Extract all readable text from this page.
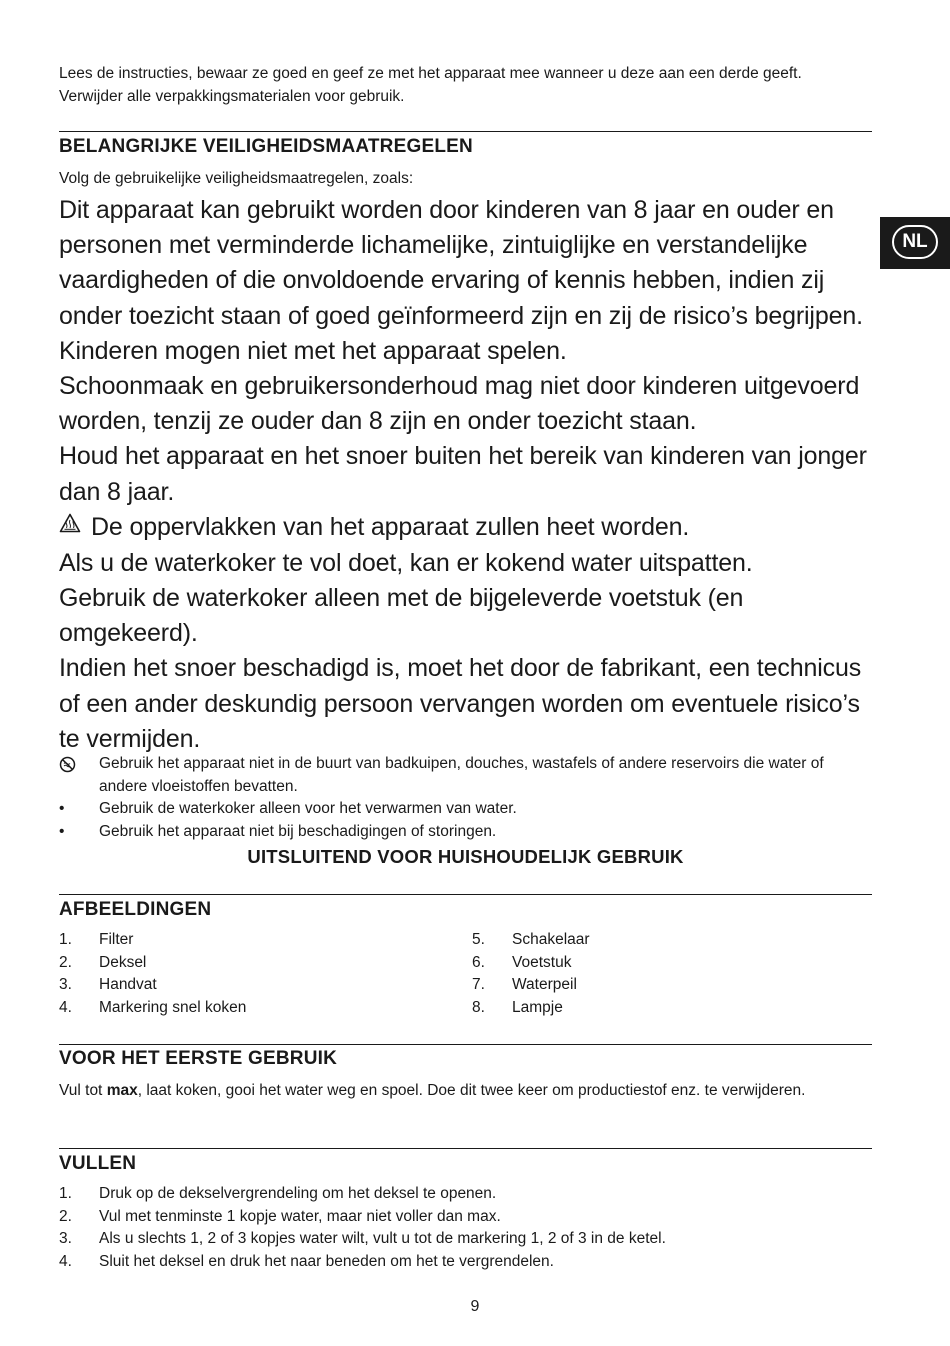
Lees de instructies, bewaar ze goed en geef ze met het apparaat mee wanneer u deze aan een derde geeft. Verwijder alle verpakkingsmaterialen voor gebruik.
NL
BELANGRIJKE VEILIGHEIDSMAATREGELEN
Volg de gebruikelijke veiligheidsmaatregelen, zoals:

Dit apparaat kan gebruikt worden door kinderen van 8 jaar en ouder en personen met verminderde lichamelijke, zintuiglijke en verstandelijke vaardigheden of die onvoldoende ervaring of kennis hebben, indien zij onder toezicht staan of goed geïnformeerd zijn en zij de risico’s begrijpen.

Kinderen mogen niet met het apparaat spelen.

Schoonmaak en gebruikersonderhoud mag niet door kinderen uitgevoerd worden, tenzij ze ouder dan 8 zijn en onder toezicht staan.

Houd het apparaat en het snoer buiten het bereik van kinderen van jonger dan 8 jaar.

De oppervlakken van het apparaat zullen heet worden.

Als u de waterkoker te vol doet, kan er kokend water uitspatten.

Gebruik de waterkoker alleen met de bijgeleverde voetstuk (en omgekeerd).

Indien het snoer beschadigd is, moet het door de fabrikant, een technicus of een ander deskundig persoon vervangen worden om eventuele risico’s te vermijden.

Gebruik het apparaat niet in de buurt van badkuipen, douches, wastafels of andere reservoirs die water of andere vloeistoffen bevatten.
•	Gebruik de waterkoker alleen voor het verwarmen van water.
•	Gebruik het apparaat niet bij beschadigingen of storingen.
UITSLUITEND VOOR HUISHOUDELIJK GEBRUIK
AFBEELDINGEN
1. Filter
2. Deksel
3. Handvat
4. Markering snel koken
5. Schakelaar
6. Voetstuk
7. Waterpeil
8. Lampje
VOOR HET EERSTE GEBRUIK
Vul tot max, laat koken, gooi het water weg en spoel. Doe dit twee keer om productiestof enz. te verwijderen.
VULLEN
1. Druk op de dekselvergrendeling om het deksel te openen.
2. Vul met tenminste 1 kopje water, maar niet voller dan max.
3. Als u slechts 1, 2 of 3 kopjes water wilt, vult u tot de markering 1, 2 of 3 in de ketel.
4. Sluit het deksel en druk het naar beneden om het te vergrendelen.
9
